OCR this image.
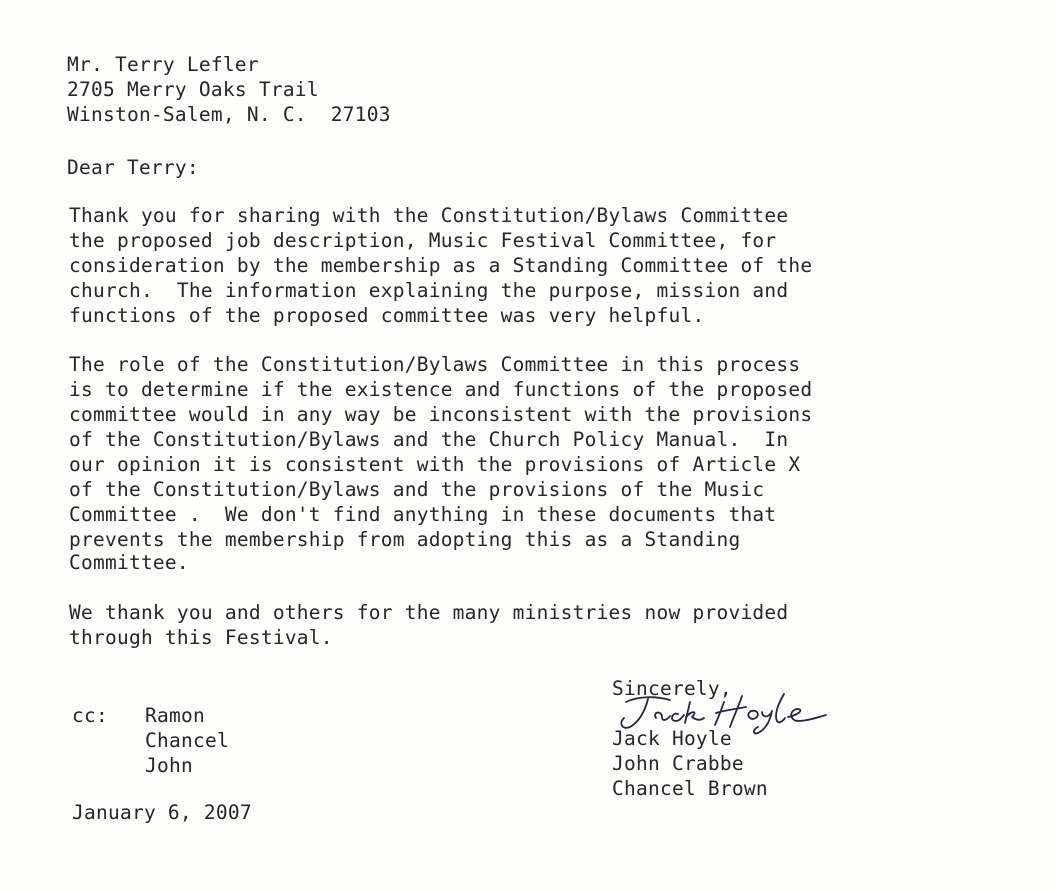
Mr. Terry Lefler
2705 Merry Oaks Trail
Winston-Salem, N. C.  27103
Dear Terry:
Thank you for sharing with the Constitution/Bylaws Committee
the proposed job description, Music Festival Committee, for
consideration by the membership as a Standing Committee of the
church.  The information explaining the purpose, mission and
functions of the proposed committee was very helpful.
The role of the Constitution/Bylaws Committee in this process
is to determine if the existence and functions of the proposed
committee would in any way be inconsistent with the provisions
of the Constitution/Bylaws and the Church Policy Manual.  In
our opinion it is consistent with the provisions of Article X
of the Constitution/Bylaws and the provisions of the Music
Committee .  We don't find anything in these documents that
prevents the membership from adopting this as a Standing
Committee.
We thank you and others for the many ministries now provided
through this Festival.
Sincerely,
Jack Hoyle
John Crabbe
Chancel Brown
cc: Ramon
Chancel
John
January 6, 2007
